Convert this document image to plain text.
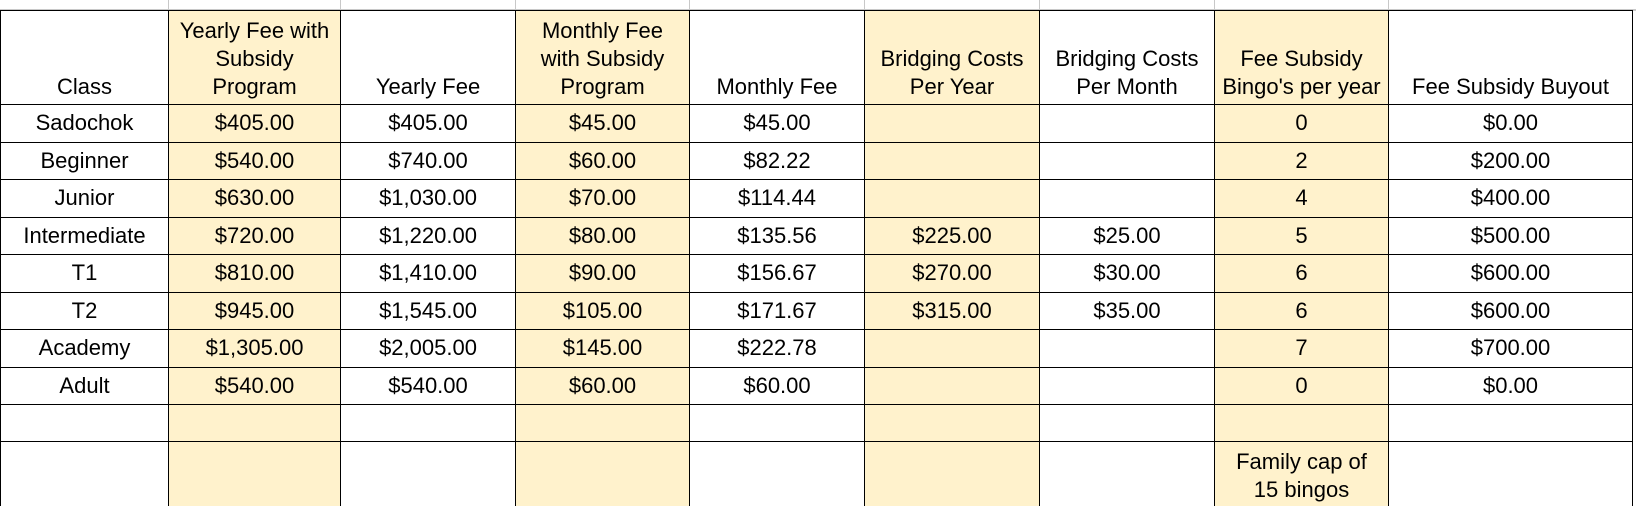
Class	Yearly Fee with Subsidy Program	Yearly Fee	Monthly Fee with Subsidy Program	Monthly Fee	Bridging Costs Per Year	Bridging Costs Per Month	Fee Subsidy Bingo's per year	Fee Subsidy Buyout
Sadochok	$405.00	$405.00	$45.00	$45.00			0	$0.00
Beginner	$540.00	$740.00	$60.00	$82.22			2	$200.00
Junior	$630.00	$1,030.00	$70.00	$114.44			4	$400.00
Intermediate	$720.00	$1,220.00	$80.00	$135.56	$225.00	$25.00	5	$500.00
T1	$810.00	$1,410.00	$90.00	$156.67	$270.00	$30.00	6	$600.00
T2	$945.00	$1,545.00	$105.00	$171.67	$315.00	$35.00	6	$600.00
Academy	$1,305.00	$2,005.00	$145.00	$222.78			7	$700.00
Adult	$540.00	$540.00	$60.00	$60.00			0	$0.00

							Family cap of 15 bingos	
